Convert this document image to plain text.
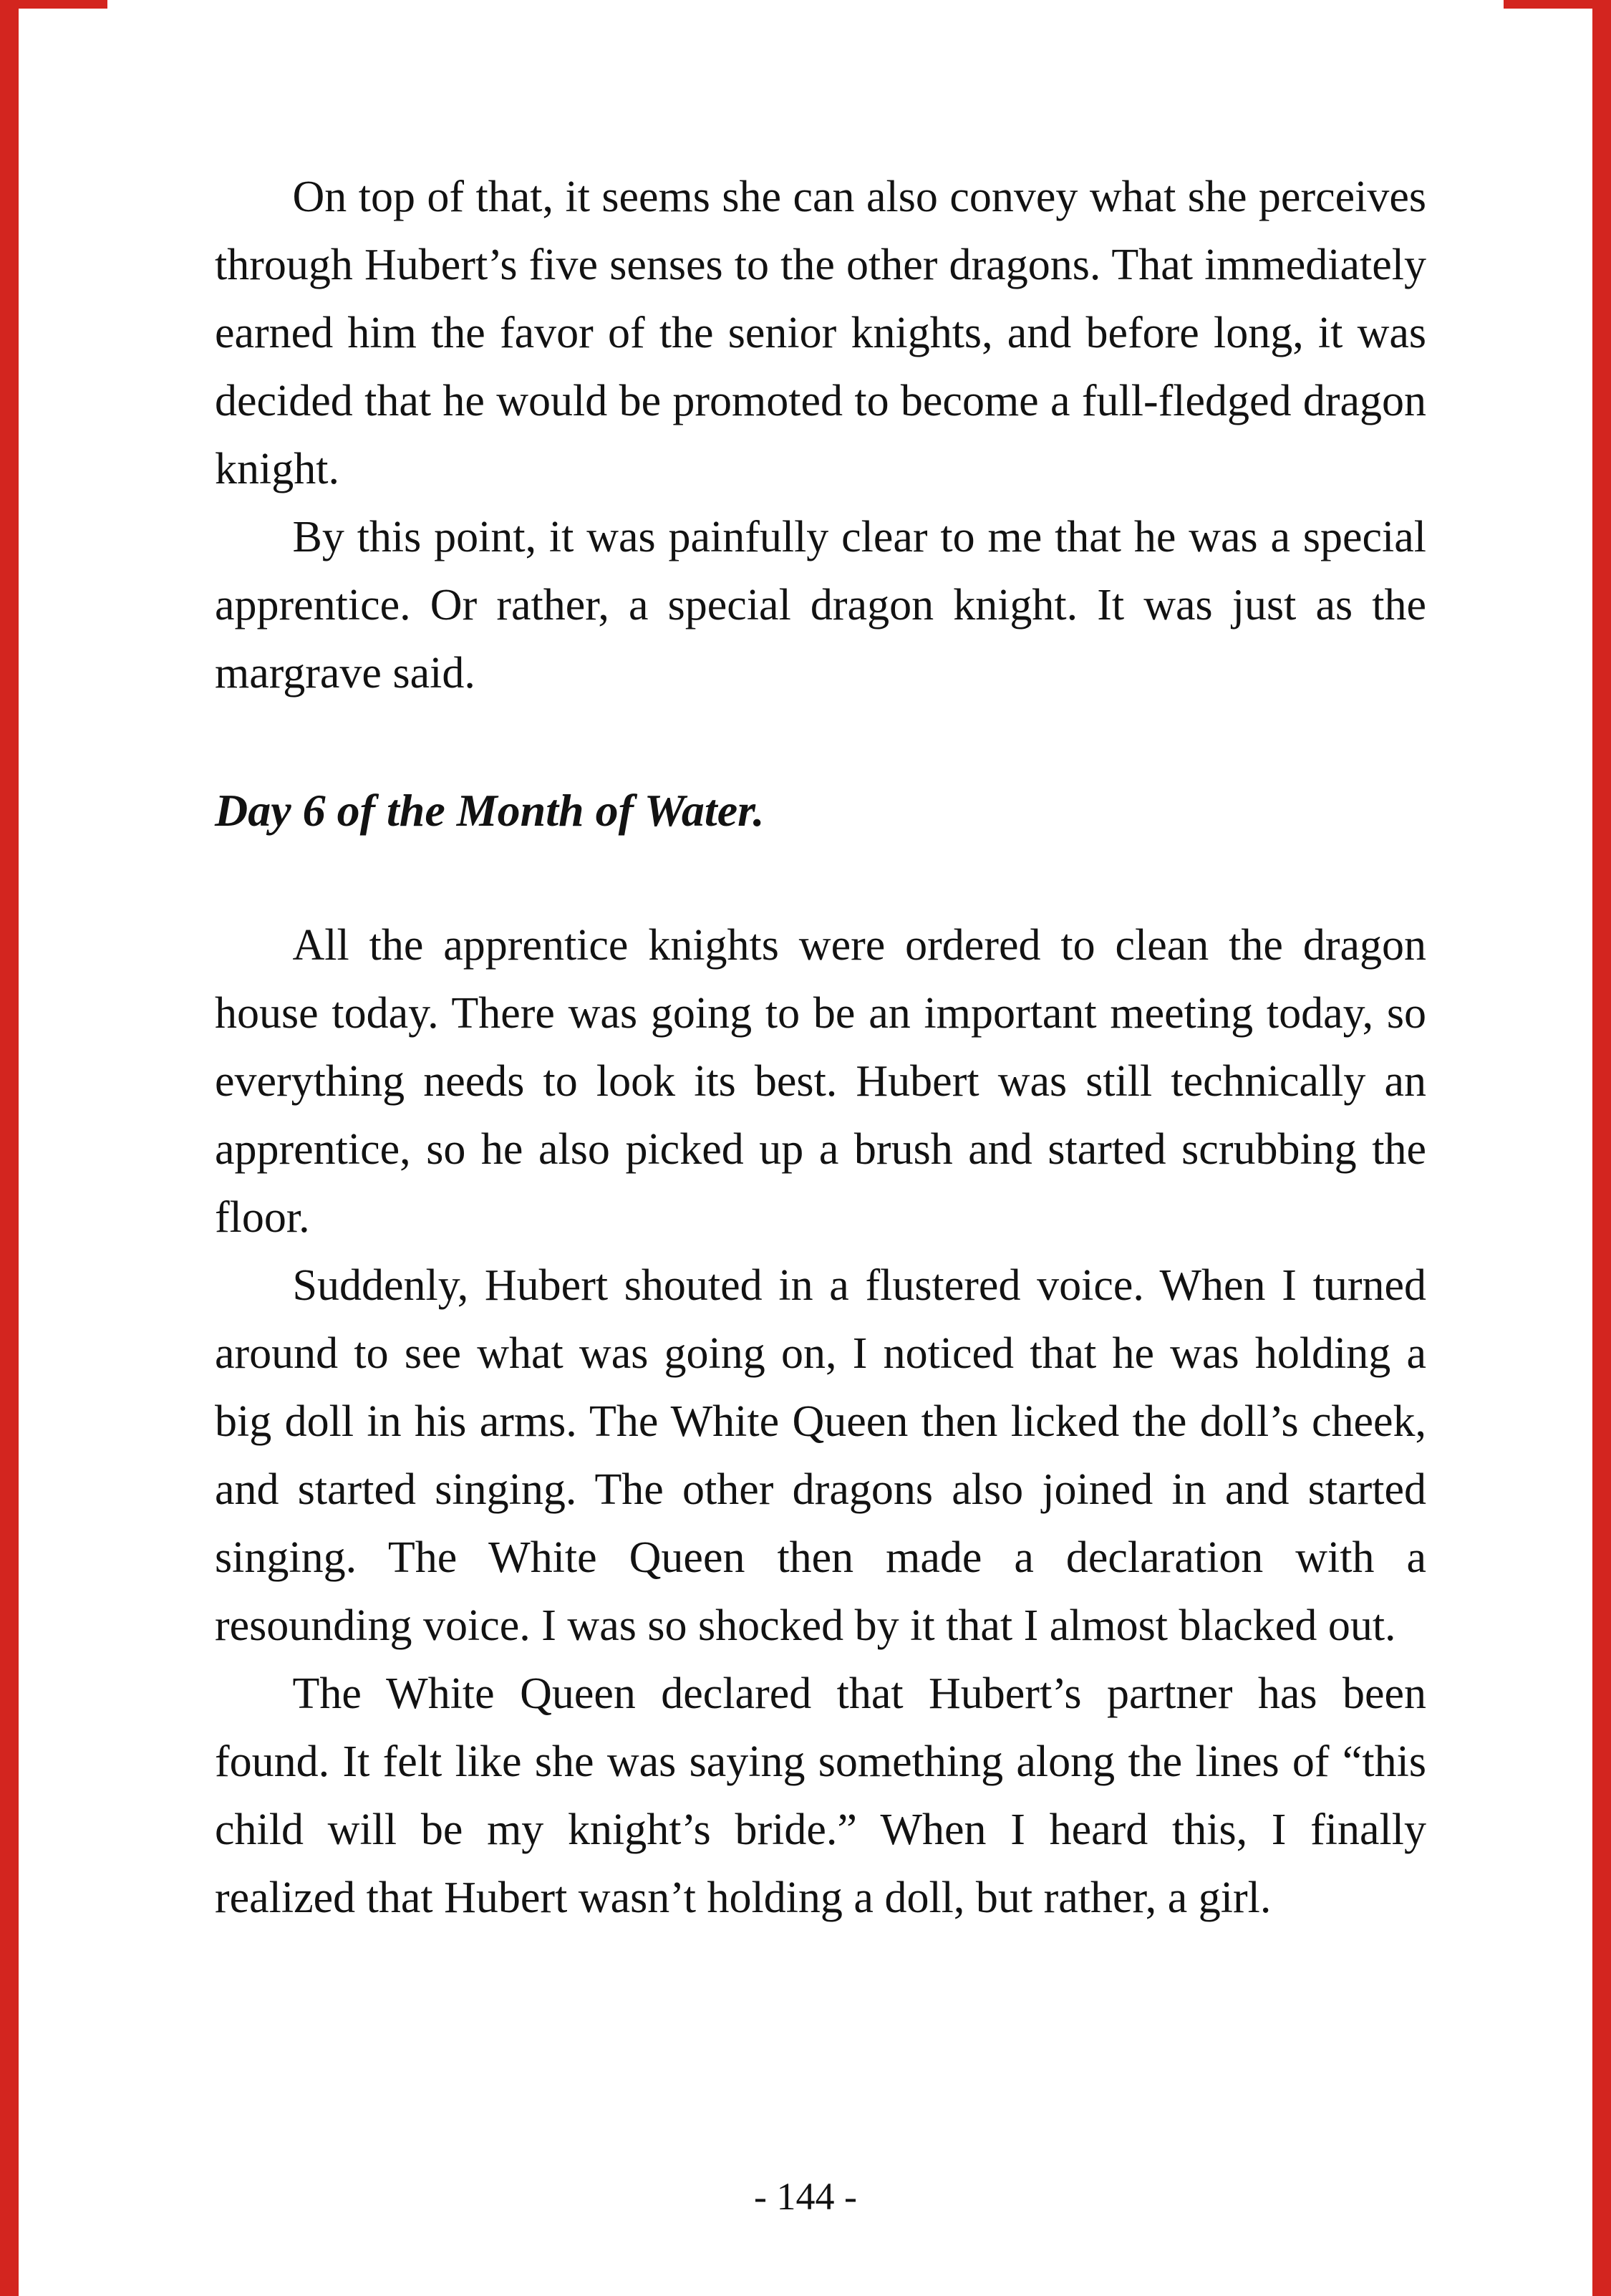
On top of that, it seems she can also convey what she perceives through Hubert’s five senses to the other dragons. That immediately earned him the favor of the senior knights, and before long, it was decided that he would be promoted to become a full-fledged dragon knight.

By this point, it was painfully clear to me that he was a special apprentice. Or rather, a special dragon knight. It was just as the margrave said.

Day 6 of the Month of Water.

All the apprentice knights were ordered to clean the dragon house today. There was going to be an important meeting today, so everything needs to look its best. Hubert was still technically an apprentice, so he also picked up a brush and started scrubbing the floor.

Suddenly, Hubert shouted in a flustered voice. When I turned around to see what was going on, I noticed that he was holding a big doll in his arms. The White Queen then licked the doll’s cheek, and started singing. The other dragons also joined in and started singing. The White Queen then made a declaration with a resounding voice. I was so shocked by it that I almost blacked out.

The White Queen declared that Hubert’s partner has been found. It felt like she was saying something along the lines of “this child will be my knight’s bride.” When I heard this, I finally realized that Hubert wasn’t holding a doll, but rather, a girl.

- 144 -
